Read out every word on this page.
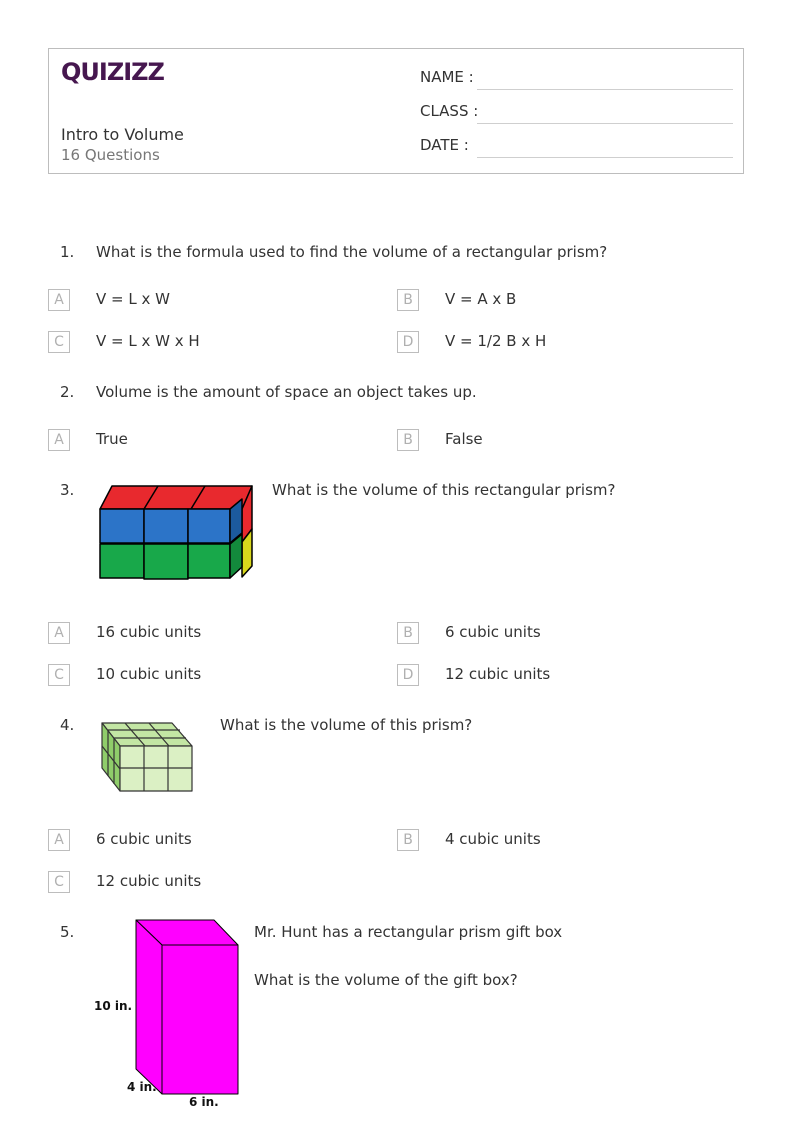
QUIZIZZ
Intro to Volume
16 Questions
NAME :
CLASS :
DATE :
1. What is the formula used to find the volume of a rectangular prism?
A	V = L x W	B	V = A x B
C	V = L x W x H	D	V = 1/2 B x H
2. Volume is the amount of space an object takes up.
A	True	B	False
3.	What is the volume of this rectangular prism?
A	16 cubic units	B	6 cubic units
C	10 cubic units	D	12 cubic units
4.	What is the volume of this prism?
A	6 cubic units	B	4 cubic units
C	12 cubic units
5.
10 in.
4 in.
6 in.
Mr. Hunt has a rectangular prism gift box
What is the volume of the gift box?
